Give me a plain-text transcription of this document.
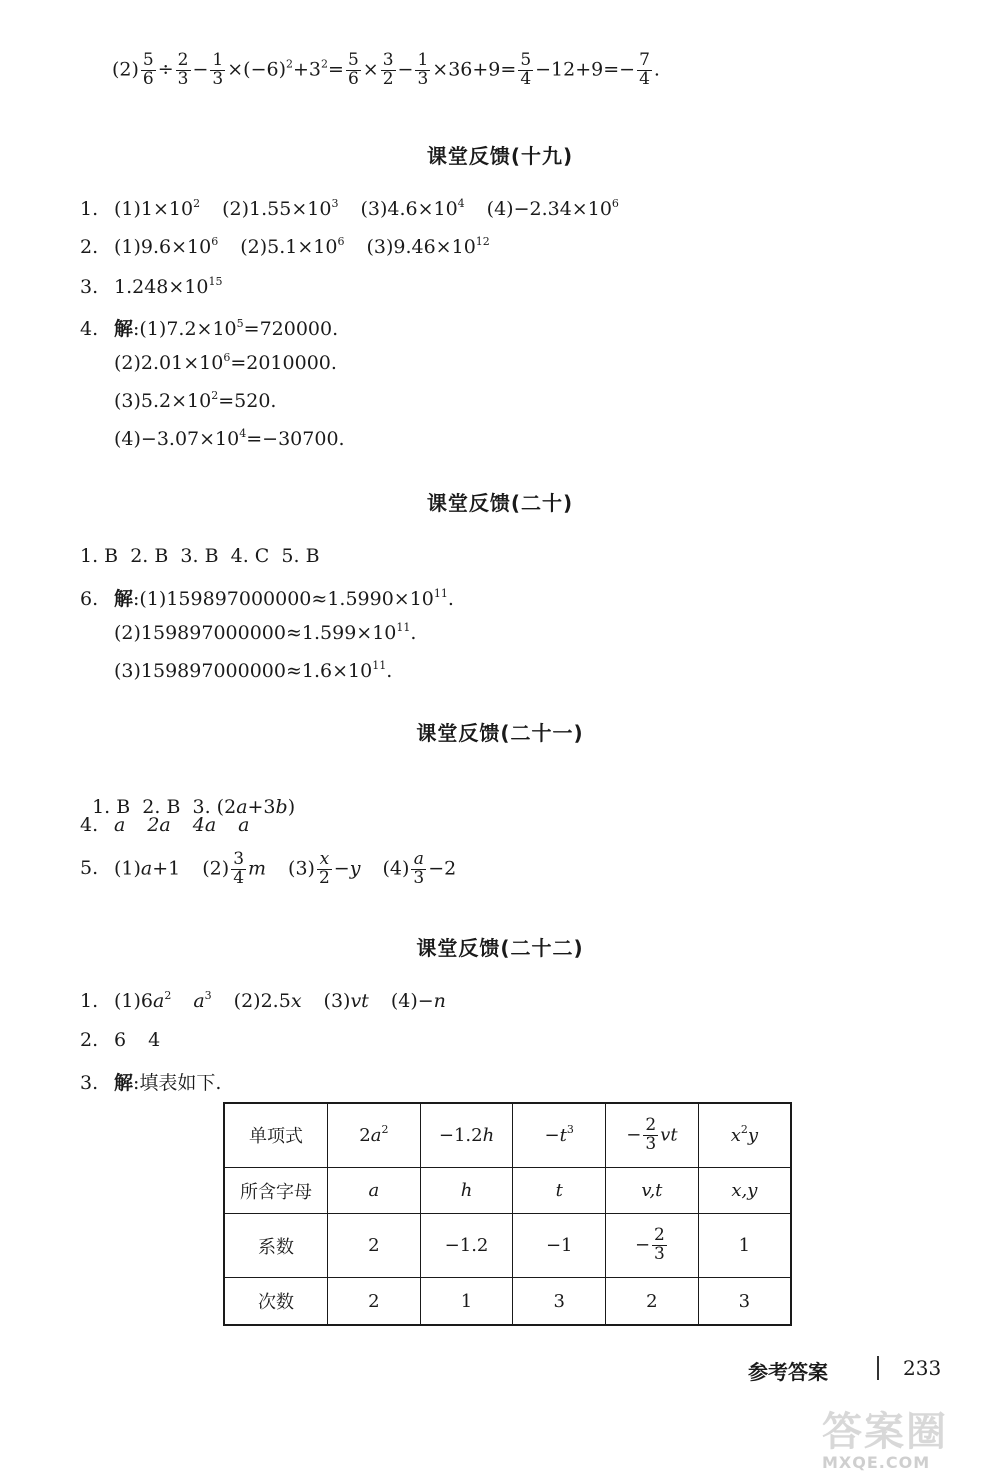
$(2) \frac{5}{6} \div \frac{2}{3} - \frac{1}{3} \times(-6)^2+3^2= \frac{5}{6} \times \frac{3}{2} - \frac{1}{3} \times 36+9= \frac{5}{4} -12+9=- \frac{7}{4}$ .
课堂反馈(十九)
1. $(1)1\times 10^2$ $(2)1.55\times 10^3$ $(3)4.6\times 10^4$ $(4)-2.34\times 10^6$
2. $(1)9.6\times 10^6$ $(2)5.1\times 10^6$ $(3)9.46\times 10^{12}$
3. $1.248\times 10^{15}$
4. 解$:(1)7.2\times 10^5=720000$.
$(2)2.01\times 10^6=2010000$.
$(3)5.2\times 10^2=520$.
$(4)-3.07\times 10^4=-30700$.
课堂反馈(二十)
1. B  2. B  3. B  4. C  5. B
6. 解$:(1)159897000000\approx 1.5990\times 10^{11}$.
$(2)159897000000\approx 1.599\times 10^{11}$.
$(3)159897000000\approx 1.6\times 10^{11}$.
课堂反馈(二十一)

1. B  2. B  3. (2a+3b)

4. a 2a 4a a
5. (1)a+1 $(2) \frac{3}{4}$ m $(3) \frac{x}{2} -y$ $(4) \frac{a}{3} -2$
课堂反馈(二十二)
1. $(1)6a^2$ $a^3$ (2)2.5x (3)vt (4)−n
2. 6 4
3. 解:填表如下.
单项式	$2a^2$	−1.2h	$-t^3$	− $\frac{2}{3}$ vt	$x^2y$
所含字母	a	h	t	v,t	x,y
系数	2	−1.2	−1	− $\frac{2}{3}$	1
次数	2	1	3	2	3
参考答案	233
答案圈
MXQE.COM
